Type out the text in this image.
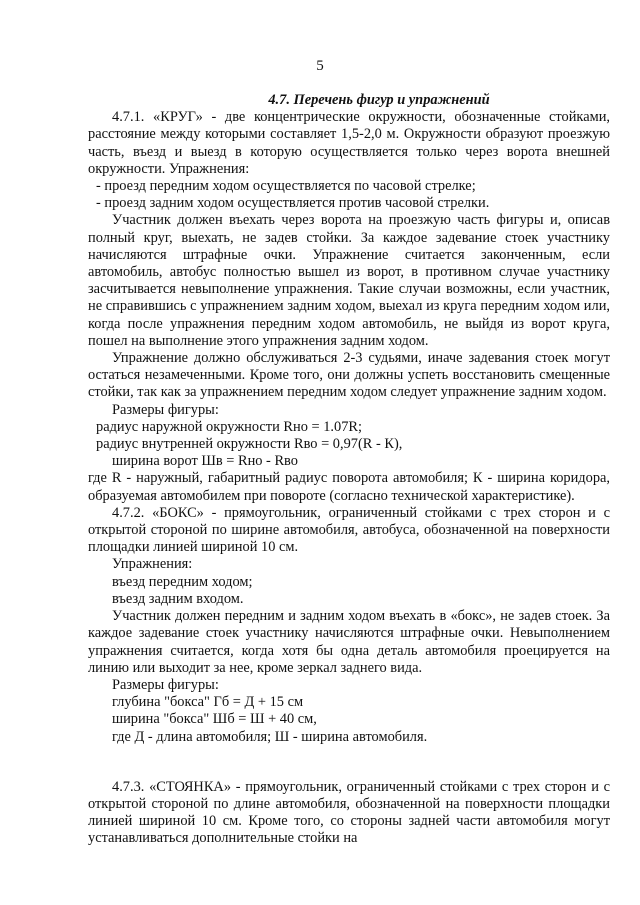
5

4.7. Перечень фигур и упражнений

4.7.1. «КРУГ» - две концентрические окружности, обозначенные стойками, расстояние между которыми составляет 1,5-2,0 м. Окружности образуют проезжую часть, въезд и выезд в которую осуществляется только через ворота внешней окружности. Упражнения:

- проезд передним ходом осуществляется по часовой стрелке;

- проезд задним ходом осуществляется против часовой стрелки.

Участник должен въехать через ворота на проезжую часть фигуры и, описав полный круг, выехать, не задев стойки. За каждое задевание стоек участнику начисляются штрафные очки. Упражнение считается законченным, если автомобиль, автобус полностью вышел из ворот, в противном случае участнику засчитывается невыполнение упражнения. Такие случаи возможны, если участник, не справившись с упражнением задним ходом, выехал из круга передним ходом или, когда после упражнения передним ходом автомобиль, не выйдя из ворот круга, пошел на выполнение этого упражнения задним ходом.

Упражнение должно обслуживаться 2-3 судьями, иначе задевания стоек могут остаться незамеченными. Кроме того, они должны успеть восстановить смещенные стойки, так как за упражнением передним ходом следует упражнение задним ходом.

Размеры фигуры:

радиус наружной окружности Rно = 1.07R;

радиус внутренней окружности Rво = 0,97(R - К),

ширина ворот Шв = Rно - Rво

где R - наружный, габаритный радиус поворота автомобиля; К - ширина коридора, образуемая автомобилем при повороте (согласно технической характеристике).

4.7.2. «БОКС» - прямоугольник, ограниченный стойками с трех сторон и с открытой стороной по ширине автомобиля, автобуса, обозначенной на поверхности площадки линией шириной 10 см.

Упражнения:

въезд передним ходом;

въезд задним входом.

Участник должен передним и задним ходом въехать в «бокс», не задев стоек. За каждое задевание стоек участнику начисляются штрафные очки. Невыполнением упражнения считается, когда хотя бы одна деталь автомобиля проецируется на линию или выходит за нее, кроме зеркал заднего вида.

Размеры фигуры:

глубина "бокса" Гб = Д + 15 см

ширина "бокса" Шб = Ш + 40 см,

где Д - длина автомобиля; Ш - ширина автомобиля.

4.7.3. «СТОЯНКА» - прямоугольник, ограниченный стойками с трех сторон и с открытой стороной по длине автомобиля, обозначенной на поверхности площадки линией шириной 10 см. Кроме того, со стороны задней части автомобиля могут устанавливаться дополнительные стойки на
